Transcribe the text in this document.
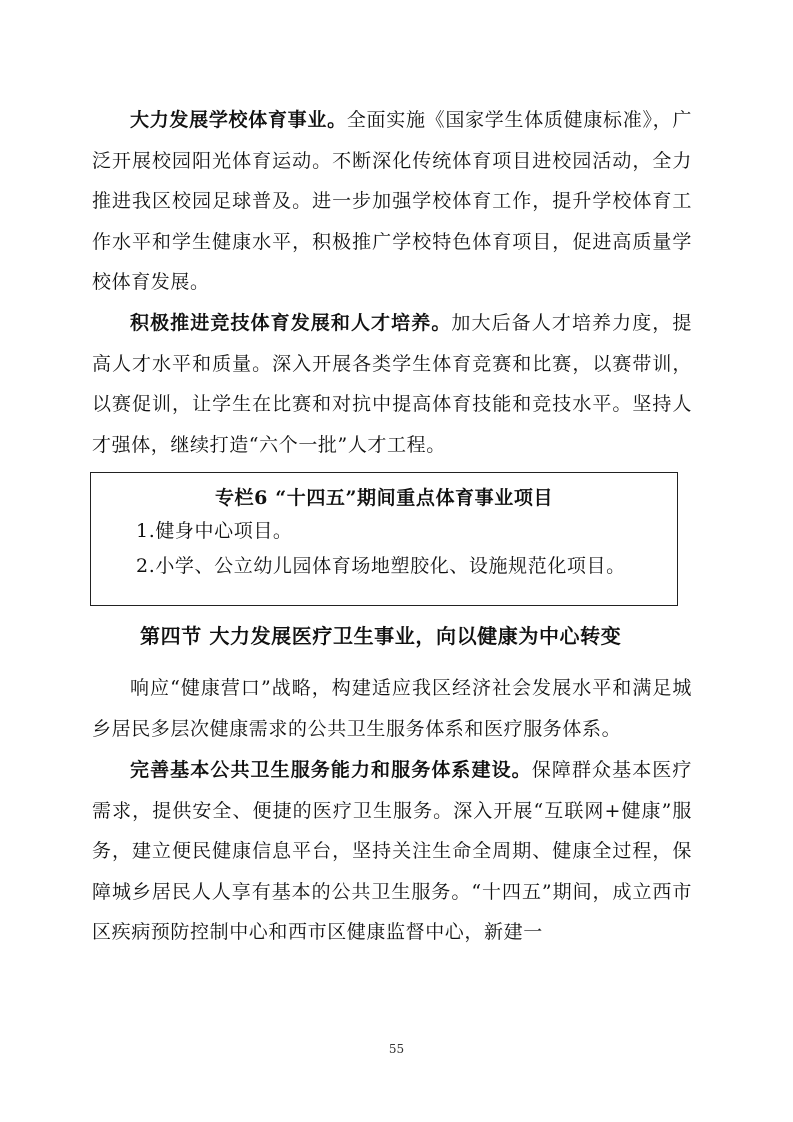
大力发展学校体育事业。全面实施《国家学生体质健康标准》，广泛开展校园阳光体育运动。不断深化传统体育项目进校园活动，全力推进我区校园足球普及。进一步加强学校体育工作，提升学校体育工作水平和学生健康水平，积极推广学校特色体育项目，促进高质量学校体育发展。

积极推进竞技体育发展和人才培养。加大后备人才培养力度，提高人才水平和质量。深入开展各类学生体育竞赛和比赛，以赛带训，以赛促训，让学生在比赛和对抗中提高体育技能和竞技水平。坚持人才强体，继续打造“六个一批”人才工程。

专栏6 “十四五”期间重点体育事业项目

1.健身中心项目。

2.小学、公立幼儿园体育场地塑胶化、设施规范化项目。

第四节 大力发展医疗卫生事业，向以健康为中心转变

响应“健康营口”战略，构建适应我区经济社会发展水平和满足城乡居民多层次健康需求的公共卫生服务体系和医疗服务体系。

完善基本公共卫生服务能力和服务体系建设。保障群众基本医疗需求，提供安全、便捷的医疗卫生服务。深入开展“互联网+健康”服务，建立便民健康信息平台，坚持关注生命全周期、健康全过程，保障城乡居民人人享有基本的公共卫生服务。“十四五”期间，成立西市区疾病预防控制中心和西市区健康监督中心，新建一

55
